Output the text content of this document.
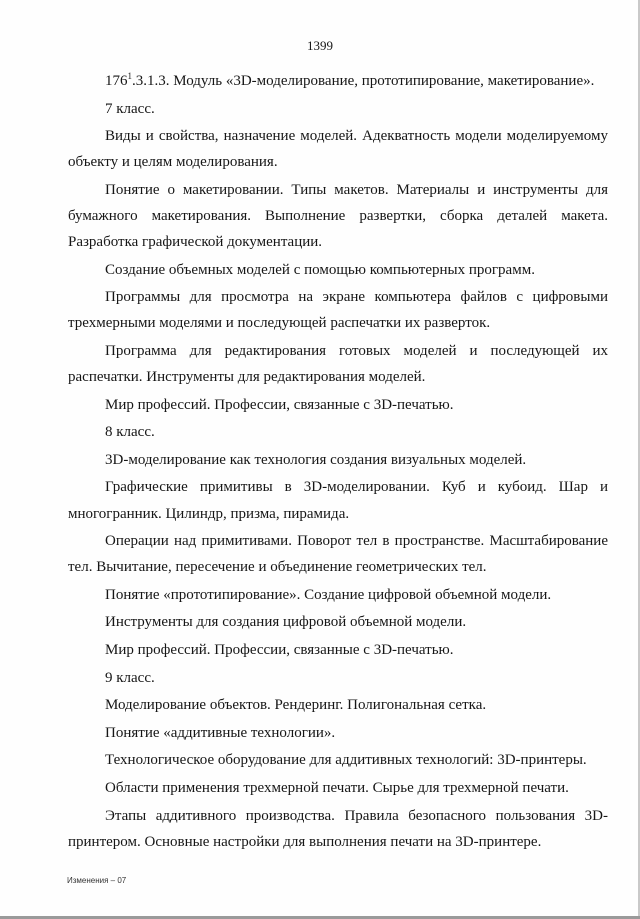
1399

$176^1.3.1.3$. Модуль «3D-моделирование, прототипирование, макетирование».

7 класс.

Виды и свойства, назначение моделей. Адекватность модели моделируемому объекту и целям моделирования.

Понятие о макетировании. Типы макетов. Материалы и инструменты для бумажного макетирования. Выполнение развертки, сборка деталей макета. Разработка графической документации.

Создание объемных моделей с помощью компьютерных программ.

Программы для просмотра на экране компьютера файлов с цифровыми трехмерными моделями и последующей распечатки их разверток.

Программа для редактирования готовых моделей и последующей их распечатки. Инструменты для редактирования моделей.

Мир профессий. Профессии, связанные с 3D-печатью.

8 класс.

3D-моделирование как технология создания визуальных моделей.

Графические примитивы в 3D-моделировании. Куб и кубоид. Шар и многогранник. Цилиндр, призма, пирамида.

Операции над примитивами. Поворот тел в пространстве. Масштабирование тел. Вычитание, пересечение и объединение геометрических тел.

Понятие «прототипирование». Создание цифровой объемной модели.

Инструменты для создания цифровой объемной модели.

Мир профессий. Профессии, связанные с 3D-печатью.

9 класс.

Моделирование объектов. Рендеринг. Полигональная сетка.

Понятие «аддитивные технологии».

Технологическое оборудование для аддитивных технологий: 3D-принтеры.

Области применения трехмерной печати. Сырье для трехмерной печати.

Этапы аддитивного производства. Правила безопасного пользования 3D-принтером. Основные настройки для выполнения печати на 3D-принтере.

Изменения – 07
